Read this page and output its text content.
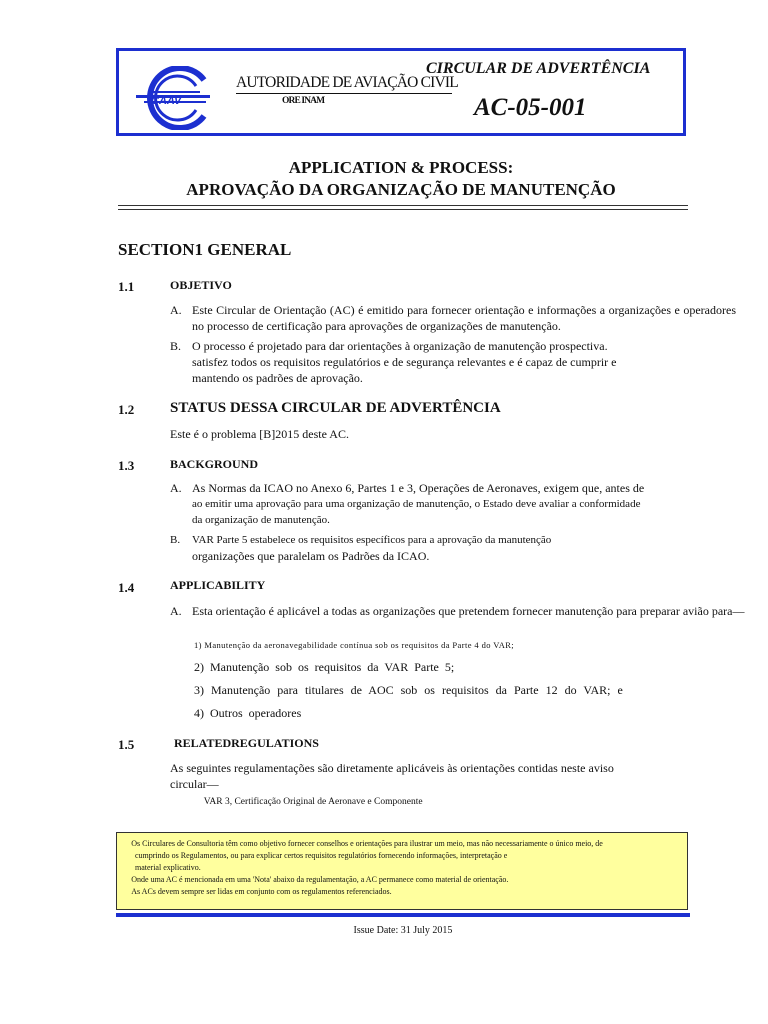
CAAV
AUTORIDADE DE AVIAÇÃO CIVIL
ORE INAM
CIRCULAR DE ADVERTÊNCIA
AC-05-001
APPLICATION & PROCESS:
APROVAÇÃO DA ORGANIZAÇÃO DE MANUTENÇÃO
SECTION1 GENERAL
1.1	OBJETIVO
A. Este Circular de Orientação (AC) é emitido para fornecer orientação e informações a organizações e operadores no processo de certificação para aprovações de organizações de manutenção.
B. O processo é projetado para dar orientações à organização de manutenção prospectiva.
satisfez todos os requisitos regulatórios e de segurança relevantes e é capaz de cumprir e
mantendo os padrões de aprovação.
1.2 STATUS DESSA CIRCULAR DE ADVERTÊNCIA
Este é o problema [B]2015 deste AC.
1.3	BACKGROUND
A. As Normas da ICAO no Anexo 6, Partes 1 e 3, Operações de Aeronaves, exigem que, antes de
ao emitir uma aprovação para uma organização de manutenção, o Estado deve avaliar a conformidade
da organização de manutenção.
B.	VAR Parte 5 estabelece os requisitos específicos para a aprovação da manutenção
organizações que paralelam os Padrões da ICAO.
1.4	APPLICABILITY
A. Esta orientação é aplicável a todas as organizações que pretendem fornecer manutenção para preparar avião para—
1) Manutenção da aeronavegabilidade contínua sob os requisitos da Parte 4 do VAR;
2) Manutenção sob os requisitos da VAR Parte 5;
3) Manutenção para titulares de AOC sob os requisitos da Parte 12 do VAR; e
4) Outros operadores
1.5	RELATEDREGULATIONS
As seguintes regulamentações são diretamente aplicáveis às orientações contidas neste aviso
circular—
VAR 3, Certificação Original de Aeronave e Componente
Os Circulares de Consultoria têm como objetivo fornecer conselhos e orientações para ilustrar um meio, mas não necessariamente o único meio, de
cumprindo os Regulamentos, ou para explicar certos requisitos regulatórios fornecendo informações, interpretação e
material explicativo.
Onde uma AC é mencionada em uma 'Nota' abaixo da regulamentação, a AC permanece como material de orientação.
As ACs devem sempre ser lidas em conjunto com os regulamentos referenciados.
Issue Date: 31 July 2015
